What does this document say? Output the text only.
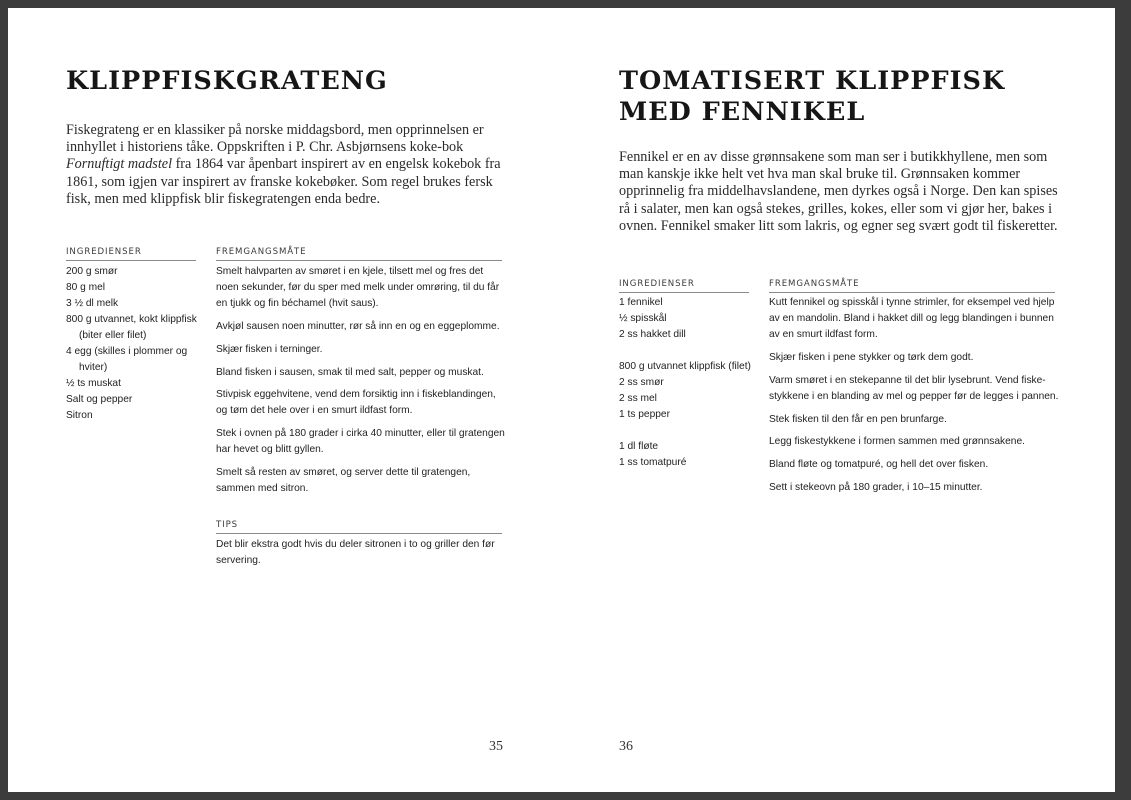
KLIPPFISKGRATENG

Fiskegrateng er en klassiker på norske middagsbord, men opprinnelsen er innhyllet i historiens tåke. Oppskriften i P. Chr. Asbjørnsens koke-bok Fornuftigt madstel fra 1864 var åpenbart inspirert av en engelsk kokebok fra 1861, som igjen var inspirert av franske kokebøker. Som regel brukes fersk fisk, men med klippfisk blir fiskegratengen enda bedre.

INGREDIENSER
200 g smør
80 g mel
3 ½ dl melk
800 g utvannet, kokt klippfisk (biter eller filet)
4 egg (skilles i plommer og hviter)
½ ts muskat
Salt og pepper
Sitron
FREMGANGSMÅTE

Smelt halvparten av smøret i en kjele, tilsett mel og fres det noen sekunder, før du sper med melk under omrøring, til du får en tjukk og fin béchamel (hvit saus).

Avkjøl sausen noen minutter, rør så inn en og en eggeplomme.

Skjær fisken i terninger.

Bland fisken i sausen, smak til med salt, pepper og muskat.

Stivpisk eggehvitene, vend dem forsiktig inn i fiskeblandingen, og tøm det hele over i en smurt ildfast form.

Stek i ovnen på 180 grader i cirka 40 minutter, eller til gratengen har hevet og blitt gyllen.

Smelt så resten av smøret, og server dette til gratengen, sammen med sitron.

TIPS

Det blir ekstra godt hvis du deler sitronen i to og griller den før servering.

35
TOMATISERT KLIPPFISK
MED FENNIKEL

Fennikel er en av disse grønnsakene som man ser i butikkhyllene, men som man kanskje ikke helt vet hva man skal bruke til. Grønnsaken kommer opprinnelig fra middelhavslandene, men dyrkes også i Norge. Den kan spises rå i salater, men kan også stekes, grilles, kokes, eller som vi gjør her, bakes i ovnen. Fennikel smaker litt som lakris, og egner seg svært godt til fiskeretter.

INGREDIENSER
1 fennikel
½ spisskål
2 ss hakket dill
800 g utvannet klippfisk (filet)
2 ss smør
2 ss mel
1 ts pepper
1 dl fløte
1 ss tomatpuré
FREMGANGSMÅTE

Kutt fennikel og spisskål i tynne strimler, for eksempel ved hjelp av en mandolin. Bland i hakket dill og legg blandingen i bunnen av en smurt ildfast form.

Skjær fisken i pene stykker og tørk dem godt.

Varm smøret i en stekepanne til det blir lysebrunt. Vend fiske-stykkene i en blanding av mel og pepper før de legges i pannen.

Stek fisken til den får en pen brunfarge.

Legg fiskestykkene i formen sammen med grønnsakene.

Bland fløte og tomatpuré, og hell det over fisken.

Sett i stekeovn på 180 grader, i 10–15 minutter.

36
